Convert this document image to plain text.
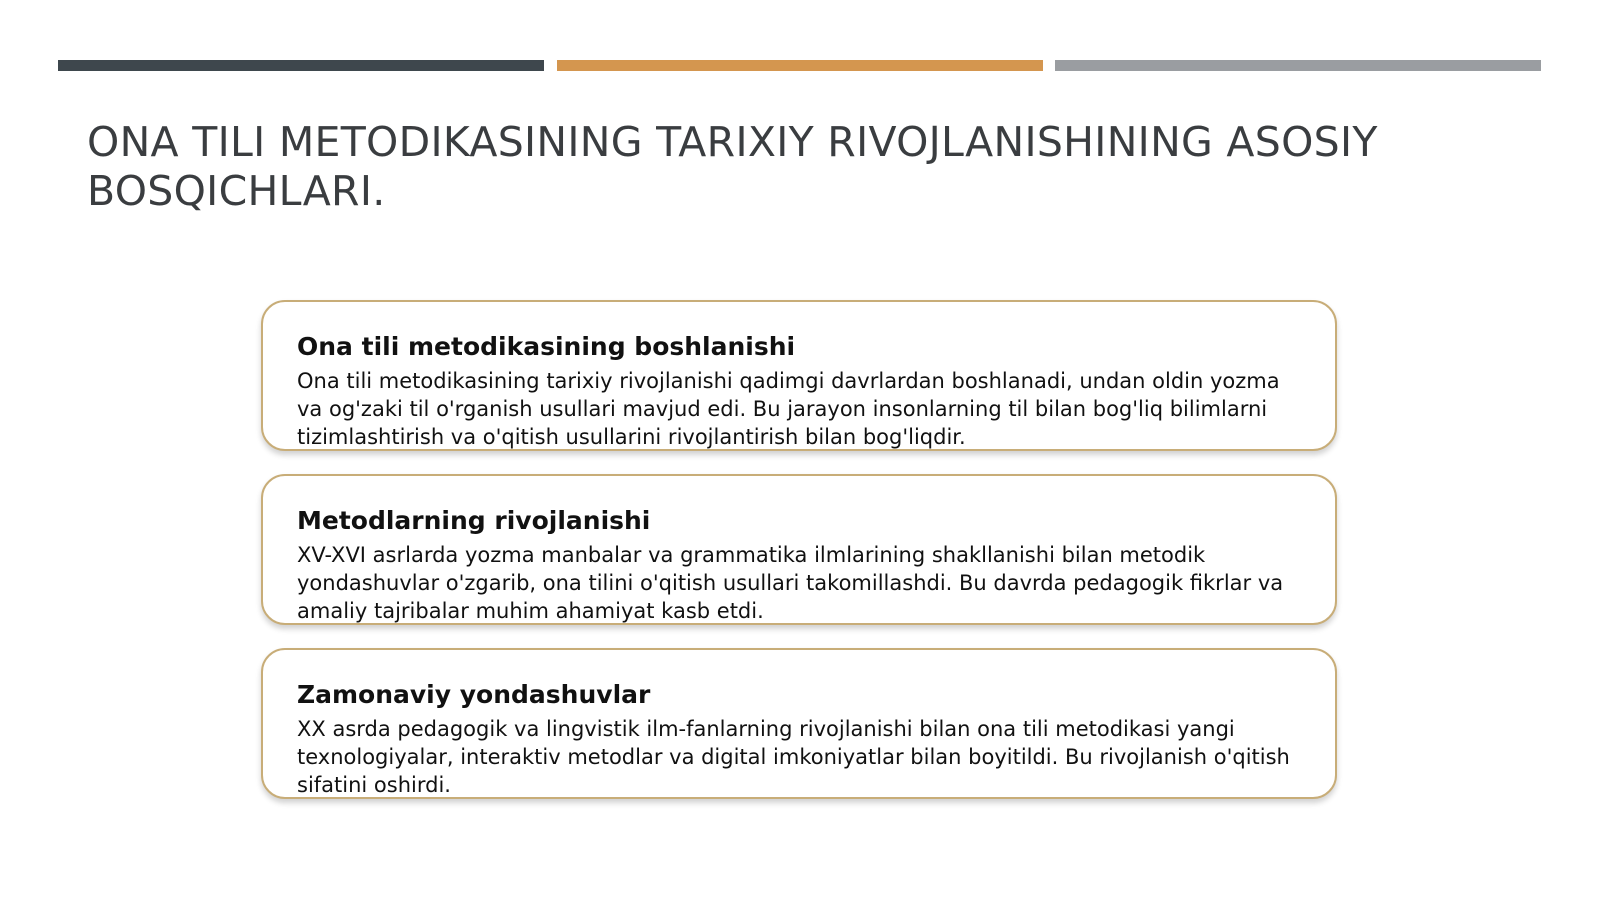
ONA TILI METODIKASINING TARIXIY RIVOJLANISHINING ASOSIY BOSQICHLARI.
Ona tili metodikasining boshlanishi

Ona tili metodikasining tarixiy rivojlanishi qadimgi davrlardan boshlanadi, undan oldin yozma va og'zaki til o'rganish usullari mavjud edi. Bu jarayon insonlarning til bilan bog'liq bilimlarni tizimlashtirish va o'qitish usullarini rivojlantirish bilan bog'liqdir.

Metodlarning rivojlanishi

XV-XVI asrlarda yozma manbalar va grammatika ilmlarining shakllanishi bilan metodik yondashuvlar o'zgarib, ona tilini o'qitish usullari takomillashdi. Bu davrda pedagogik fikrlar va amaliy tajribalar muhim ahamiyat kasb etdi.

Zamonaviy yondashuvlar

XX asrda pedagogik va lingvistik ilm-fanlarning rivojlanishi bilan ona tili metodikasi yangi texnologiyalar, interaktiv metodlar va digital imkoniyatlar bilan boyitildi. Bu rivojlanish o'qitish sifatini oshirdi.
